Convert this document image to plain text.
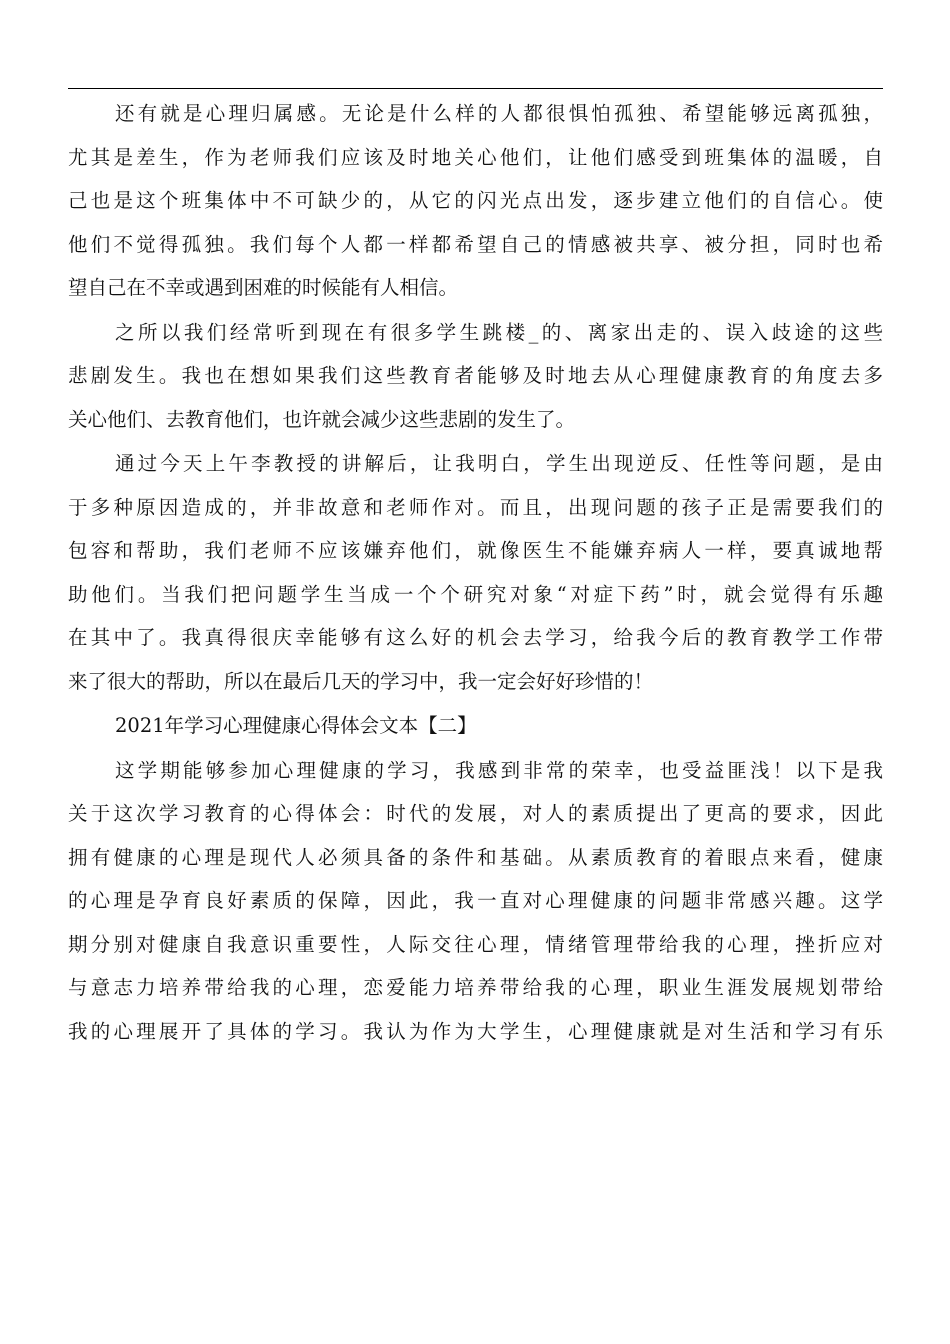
还有就是心理归属感。无论是什么样的人都很惧怕孤独、希望能够远离孤独，
尤其是差生，作为老师我们应该及时地关心他们，让他们感受到班集体的温暖，自
己也是这个班集体中不可缺少的，从它的闪光点出发，逐步建立他们的自信心。使
他们不觉得孤独。我们每个人都一样都希望自己的情感被共享、被分担，同时也希
望自己在不幸或遇到困难的时候能有人相信。
之所以我们经常听到现在有很多学生跳楼_的、离家出走的、误入歧途的这些
悲剧发生。我也在想如果我们这些教育者能够及时地去从心理健康教育的角度去多
关心他们、去教育他们，也许就会减少这些悲剧的发生了。
通过今天上午李教授的讲解后，让我明白，学生出现逆反、任性等问题，是由
于多种原因造成的，并非故意和老师作对。而且，出现问题的孩子正是需要我们的
包容和帮助，我们老师不应该嫌弃他们，就像医生不能嫌弃病人一样，要真诚地帮
助他们。当我们把问题学生当成一个个研究对象“对症下药”时，就会觉得有乐趣
在其中了。我真得很庆幸能够有这么好的机会去学习，给我今后的教育教学工作带
来了很大的帮助，所以在最后几天的学习中，我一定会好好珍惜的！
2021年学习心理健康心得体会文本【二】
这学期能够参加心理健康的学习，我感到非常的荣幸，也受益匪浅！以下是我
关于这次学习教育的心得体会：时代的发展，对人的素质提出了更高的要求，因此
拥有健康的心理是现代人必须具备的条件和基础。从素质教育的着眼点来看，健康
的心理是孕育良好素质的保障，因此，我一直对心理健康的问题非常感兴趣。这学
期分别对健康自我意识重要性，人际交往心理，情绪管理带给我的心理，挫折应对
与意志力培养带给我的心理，恋爱能力培养带给我的心理，职业生涯发展规划带给
我的心理展开了具体的学习。我认为作为大学生，心理健康就是对生活和学习有乐
